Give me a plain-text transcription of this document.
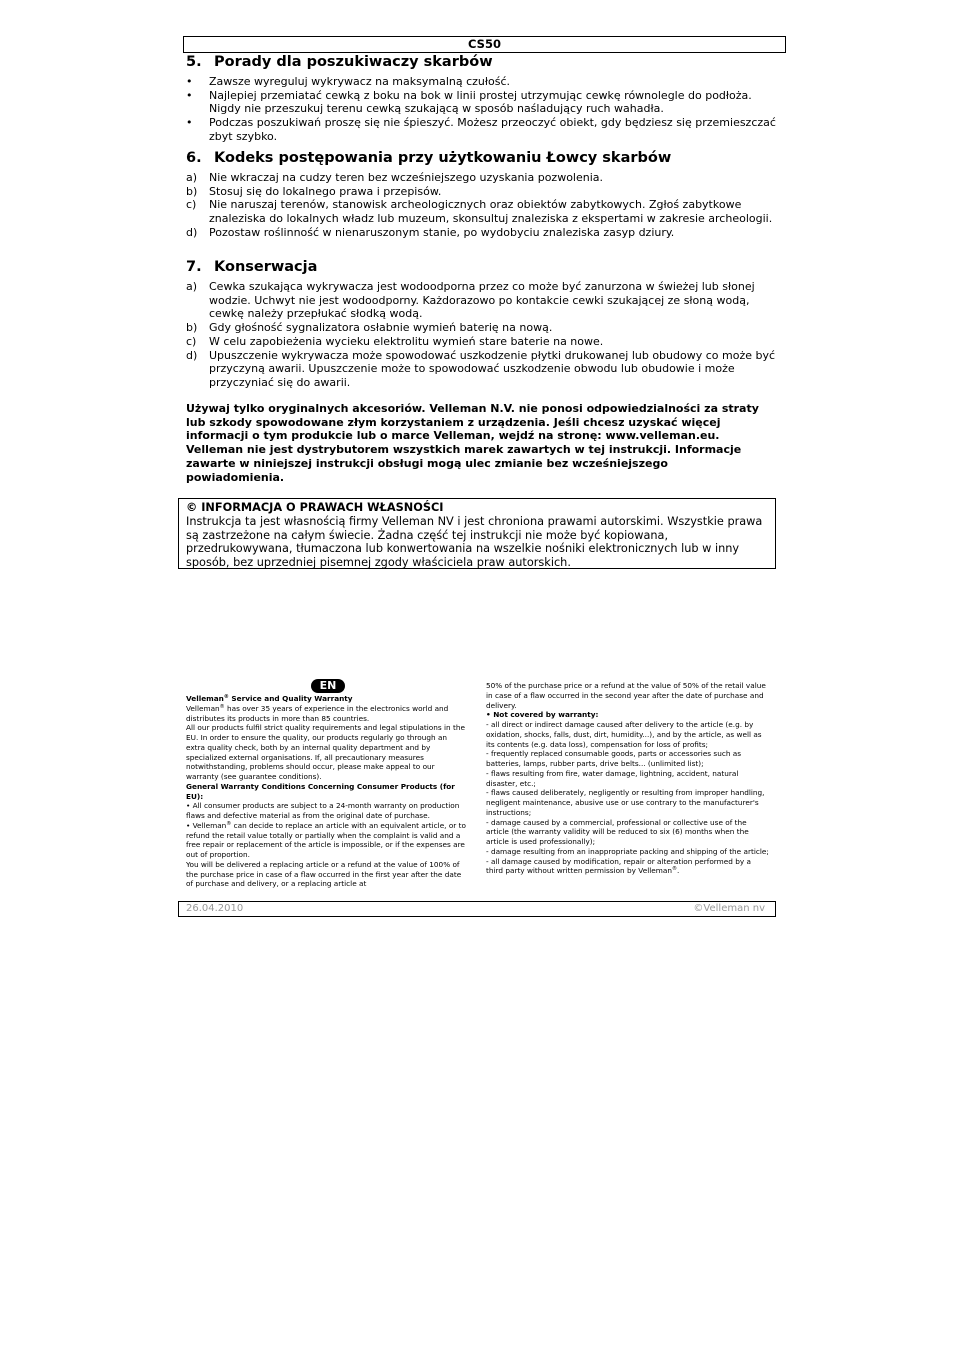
CS50
5. Porady dla poszukiwaczy skarbów
• Zawsze wyreguluj wykrywacz na maksymalną czułość.
• Najlepiej przemiatać cewką z boku na bok w linii prostej utrzymując cewkę równolegle do podłoża. Nigdy nie przeszukuj terenu cewką szukającą w sposób naśladujący ruch wahadła.
• Podczas poszukiwań proszę się nie śpieszyć. Możesz przeoczyć obiekt, gdy będziesz się przemieszczać zbyt szybko.
6. Kodeks postępowania przy użytkowaniu Łowcy skarbów
a) Nie wkraczaj na cudzy teren bez wcześniejszego uzyskania pozwolenia.
b) Stosuj się do lokalnego prawa i przepisów.
c) Nie naruszaj terenów, stanowisk archeologicznych oraz obiektów zabytkowych. Zgłoś zabytkowe znaleziska do lokalnych władz lub muzeum, skonsultuj znaleziska z ekspertami w zakresie archeologii.
d) Pozostaw roślinność w nienaruszonym stanie, po wydobyciu znaleziska zasyp dziury.
7. Konserwacja
a) Cewka szukająca wykrywacza jest wodoodporna przez co może być zanurzona w świeżej lub słonej wodzie. Uchwyt nie jest wodoodporny. Każdorazowo po kontakcie cewki szukającej ze słoną wodą, cewkę należy przepłukać słodką wodą.
b) Gdy głośność sygnalizatora osłabnie wymień baterię na nową.
c) W celu zapobieżenia wycieku elektrolitu wymień stare baterie na nowe.
d) Upuszczenie wykrywacza może spowodować uszkodzenie płytki drukowanej lub obudowy co może być przyczyną awarii. Upuszczenie może to spowodować uszkodzenie obwodu lub obudowie i może przyczyniać się do awarii.

Używaj tylko oryginalnych akcesoriów. Velleman N.V. nie ponosi odpowiedzialności za straty lub szkody spowodowane złym korzystaniem z urządzenia. Jeśli chcesz uzyskać więcej informacji o tym produkcie lub o marce Velleman, wejdź na stronę: www.velleman.eu. Velleman nie jest dystrybutorem wszystkich marek zawartych w tej instrukcji. Informacje zawarte w niniejszej instrukcji obsługi mogą ulec zmianie bez wcześniejszego powiadomienia.

© INFORMACJA O PRAWACH WŁASNOŚCI
Instrukcja ta jest własnością firmy Velleman NV i jest chroniona prawami autorskimi. Wszystkie prawa są zastrzeżone na całym świecie. Żadna część tej instrukcji nie może być kopiowana, przedrukowywana, tłumaczona lub konwertowania na wszelkie nośniki elektronicznych lub w inny sposób, bez uprzedniej pisemnej zgody właściciela praw autorskich.
EN

Velleman® Service and Quality Warranty

Velleman® has over 35 years of experience in the electronics world and distributes its products in more than 85 countries.

All our products fulfil strict quality requirements and legal stipulations in the EU. In order to ensure the quality, our products regularly go through an extra quality check, both by an internal quality department and by specialized external organisations. If, all precautionary measures notwithstanding, problems should occur, please make appeal to our warranty (see guarantee conditions).

General Warranty Conditions Concerning Consumer Products (for EU):

• All consumer products are subject to a 24-month warranty on production flaws and defective material as from the original date of purchase.

• Velleman® can decide to replace an article with an equivalent article, or to refund the retail value totally or partially when the complaint is valid and a free repair or replacement of the article is impossible, or if the expenses are out of proportion.

You will be delivered a replacing article or a refund at the value of 100% of the purchase price in case of a flaw occurred in the first year after the date of purchase and delivery, or a replacing article at

50% of the purchase price or a refund at the value of 50% of the retail value in case of a flaw occurred in the second year after the date of purchase and delivery.

• Not covered by warranty:

- all direct or indirect damage caused after delivery to the article (e.g. by oxidation, shocks, falls, dust, dirt, humidity...), and by the article, as well as its contents (e.g. data loss), compensation for loss of profits;

- frequently replaced consumable goods, parts or accessories such as batteries, lamps, rubber parts, drive belts... (unlimited list);

- flaws resulting from fire, water damage, lightning, accident, natural disaster, etc.;

- flaws caused deliberately, negligently or resulting from improper handling, negligent maintenance, abusive use or use contrary to the manufacturer's instructions;

- damage caused by a commercial, professional or collective use of the article (the warranty validity will be reduced to six (6) months when the article is used professionally);

- damage resulting from an inappropriate packing and shipping of the article;

- all damage caused by modification, repair or alteration performed by a third party without written permission by Velleman®.

26.04.2010	©Velleman nv
